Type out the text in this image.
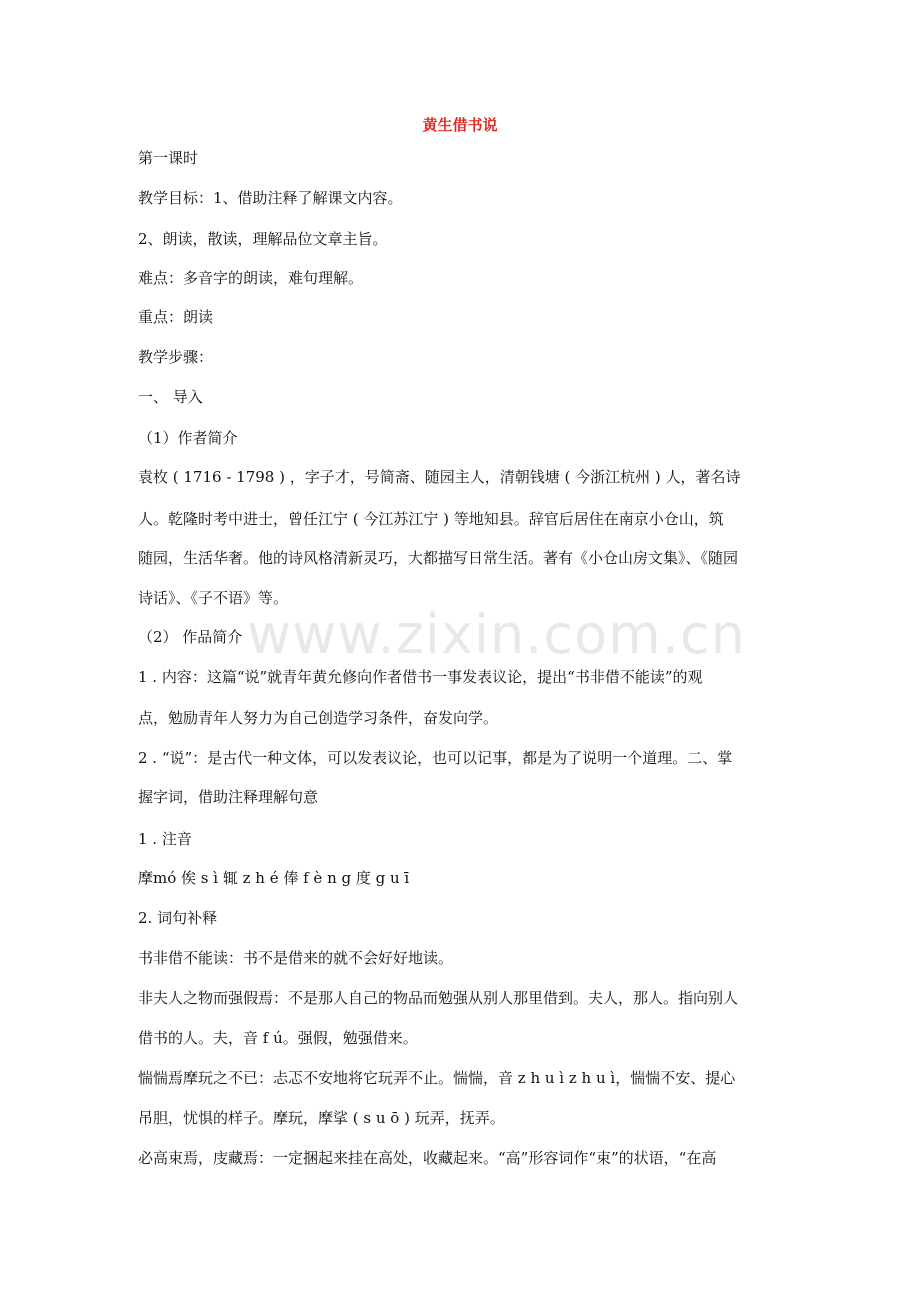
黄生借书说
第一课时
教学目标：1、借助注释了解课文内容。
2、朗读，散读，理解品位文章主旨。
难点：多音字的朗读，难句理解。
重点：朗读
教学步骤：
一、 导入
（1）作者简介
袁枚 ( 1716 - 1798 ) ，字子才，号简斋、随园主人，清朝钱塘 ( 今浙江杭州 ) 人，著名诗
人。乾隆时考中进士，曾任江宁 ( 今江苏江宁 ) 等地知县。辞官后居住在南京小仓山，筑
随园，生活华奢。他的诗风格清新灵巧，大都描写日常生活。著有《小仓山房文集》、《随园
诗话》、《子不语》等。
（2） 作品简介
1 . 内容：这篇“说”就青年黄允修向作者借书一事发表议论，提出“书非借不能读”的观
点，勉励青年人努力为自己创造学习条件，奋发向学。
2 . “说”：是古代一种文体，可以发表议论，也可以记事，都是为了说明一个道理。二、掌
握字词，借助注释理解句意
1 . 注音
摩mó 俟 s ì 辄 z h é 俸 f è n g 度 g u ī
2. 词句补释
书非借不能读：书不是借来的就不会好好地读。
非夫人之物而强假焉：不是那人自己的物品而勉强从别人那里借到。夫人，那人。指向别人
借书的人。夫，音 f ú。强假，勉强借来。
惴惴焉摩玩之不已：忐忑不安地将它玩弄不止。惴惴，音 z h u ì z h u ì，惴惴不安、提心
吊胆，忧惧的样子。摩玩，摩挲 ( s u ō ) 玩弄，抚弄。
必高束焉，庋藏焉：一定捆起来挂在高处，收藏起来。“高”形容词作“束”的状语，“在高
www.zixin.com.cn
